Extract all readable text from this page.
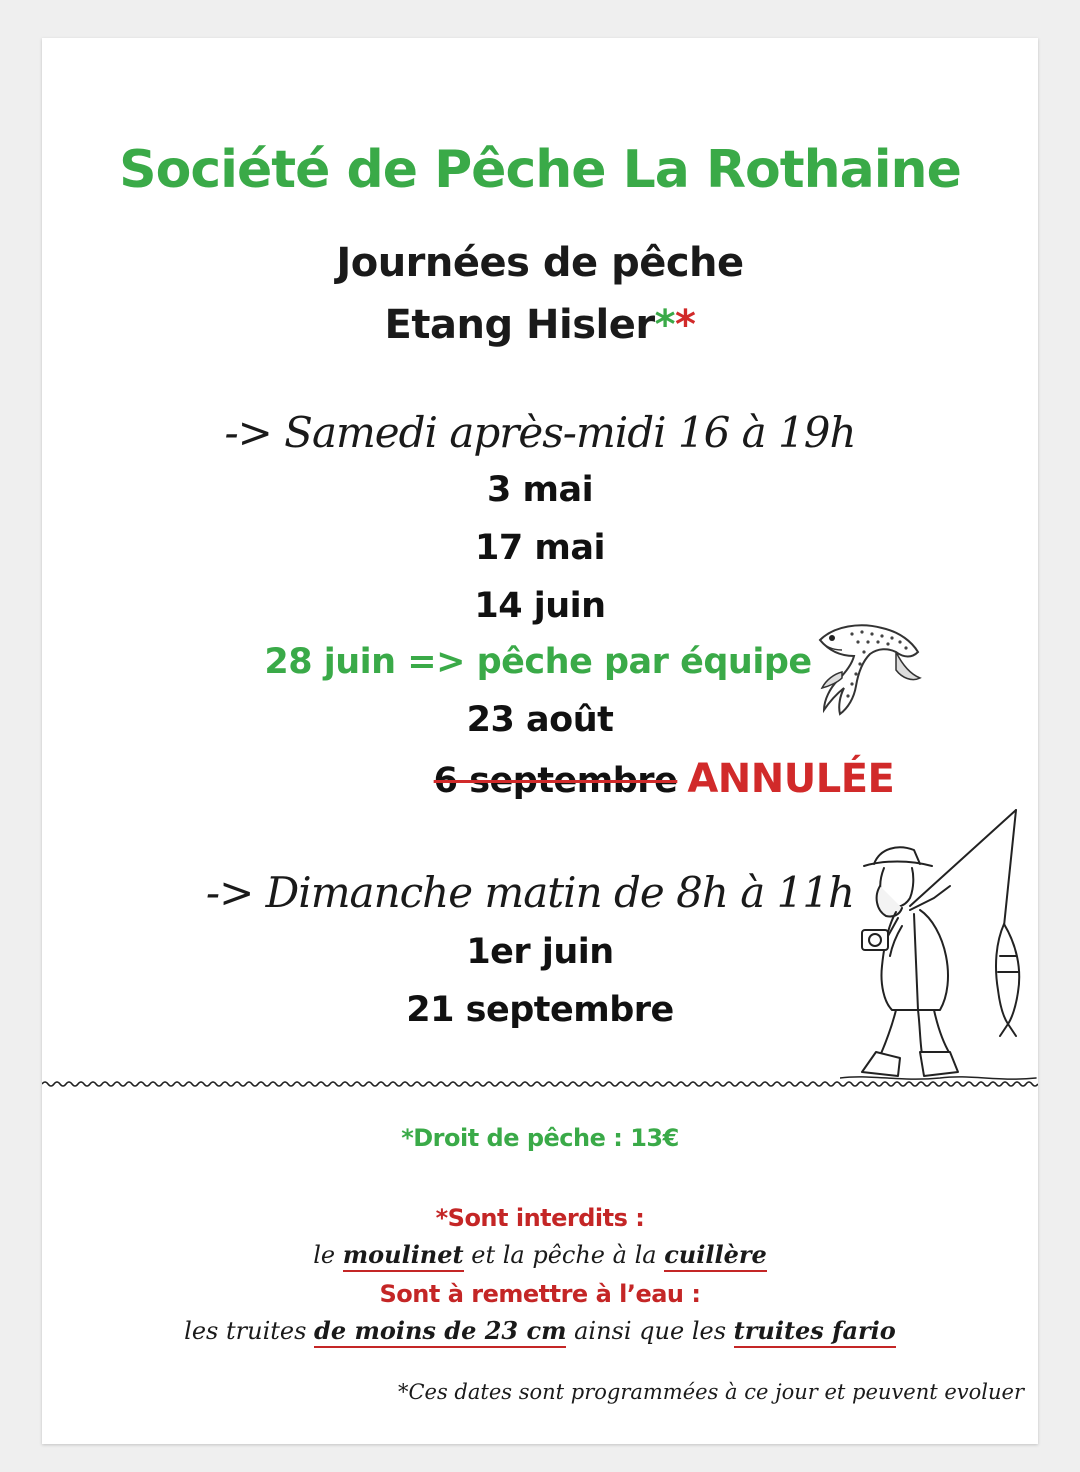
Société de Pêche La Rothaine
Journées de pêche
Etang Hisler**
-> Samedi après-midi 16 à 19h
3 mai
17 mai
14 juin
28 juin => pêche par équipe
23 août
6 septembre ANNULÉE
-> Dimanche matin de 8h à 11h
1er juin
21 septembre
*Droit de pêche : 13€
*Sont interdits :
le moulinet et la pêche à la cuillère
Sont à remettre à l’eau :
les truites de moins de 23 cm ainsi que les truites fario
*Ces dates sont programmées à ce jour et peuvent evoluer
